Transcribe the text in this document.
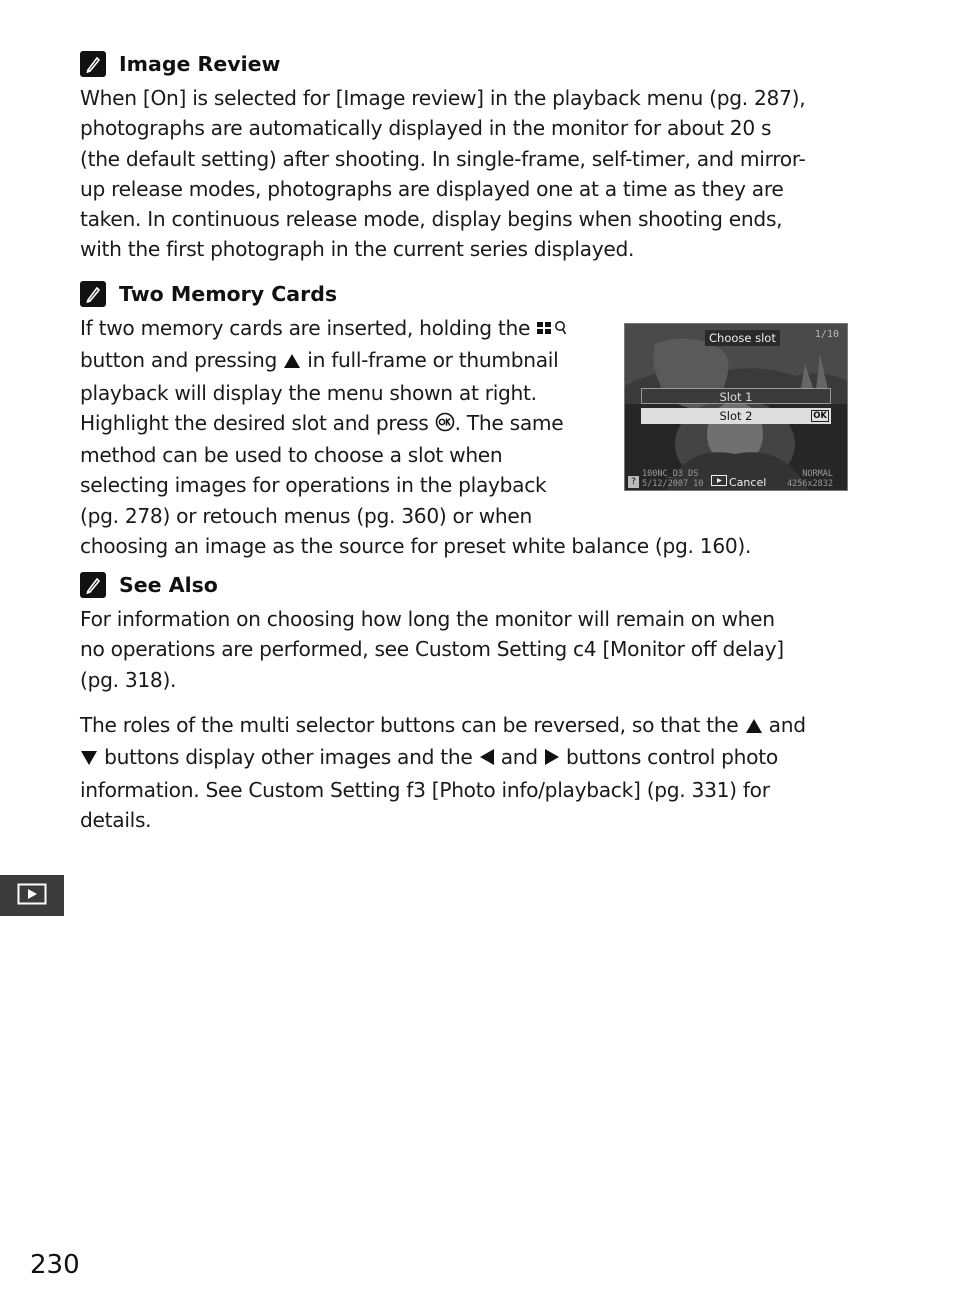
Image Review

When [On] is selected for [Image review] in the playback menu (pg. 287),
photographs are automatically displayed in the monitor for about 20 s
(the default setting) after shooting. In single-frame, self-timer, and mirror-
up release modes, photographs are displayed one at a time as they are
taken. In continuous release mode, display begins when shooting ends,
with the first photograph in the current series displayed.

Two Memory Cards

If two memory cards are inserted, holding the
button and pressing  in full-frame or thumbnail
playback will display the menu shown at right.
Highlight the desired slot and press . The same
method can be used to choose a slot when
selecting images for operations in the playback
(pg. 278) or retouch menus (pg. 360) or when
choosing an image as the source for preset white balance (pg. 160).

Choose slot	1/10
Slot 1
Slot 2	OK
?
100NC_D3 DS
5/12/2007 10 Cancel
NORMAL
4256x2832
See Also

For information on choosing how long the monitor will remain on when
no operations are performed, see Custom Setting c4 [Monitor off delay]
(pg. 318).

The roles of the multi selector buttons can be reversed, so that the  and
buttons display other images and the  and  buttons control photo
information. See Custom Setting f3 [Photo info/playback] (pg. 331) for
details.

230
